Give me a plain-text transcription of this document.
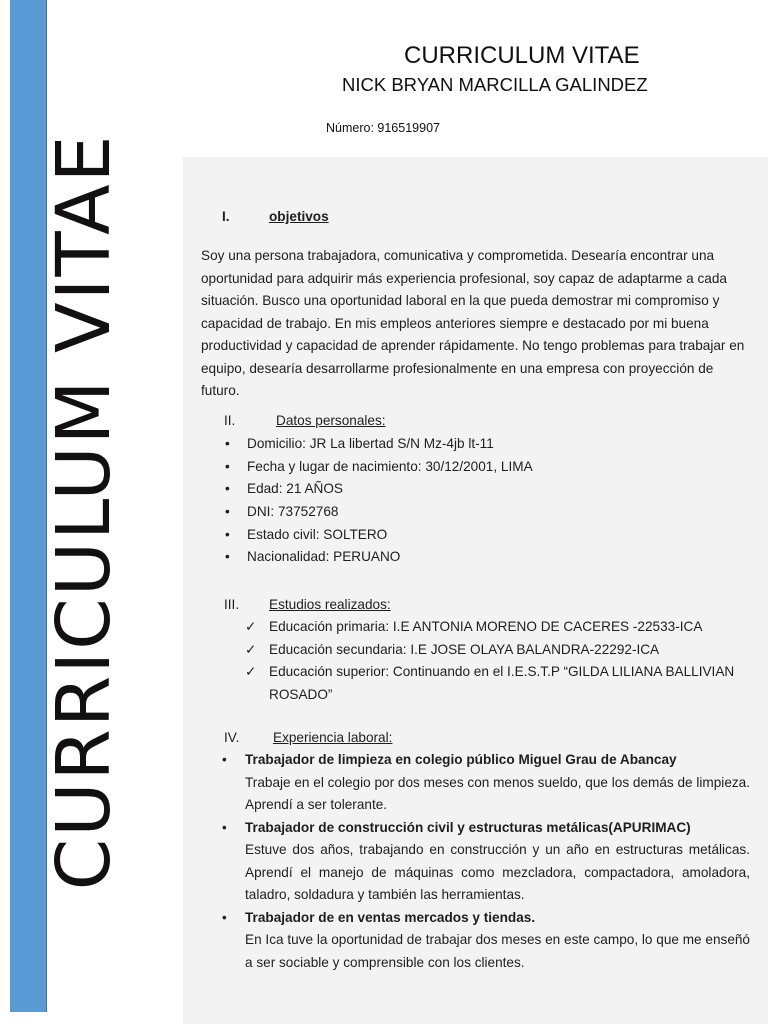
CURRICULUM VITAE
CURRICULUM VITAE
NICK BRYAN MARCILLA GALINDEZ
Número: 916519907
I.	objetivos
Soy una persona trabajadora, comunicativa y comprometida. Desearía encontrar una oportunidad para adquirir más experiencia profesional, soy capaz de adaptarme a cada situación. Busco una oportunidad laboral en la que pueda demostrar mi compromiso y capacidad de trabajo. En mis empleos anteriores siempre e destacado por mi buena productividad y capacidad de aprender rápidamente. No tengo problemas para trabajar en equipo, desearía desarrollarme profesionalmente en una empresa con proyección de futuro.
II.	Datos personales:
• Domicilio: JR La libertad S/N Mz-4jb lt-11
• Fecha y lugar de nacimiento: 30/12/2001, LIMA
• Edad: 21 AÑOS
• DNI: 73752768
• Estado civil: SOLTERO
• Nacionalidad: PERUANO
III. Estudios realizados:
✓ Educación primaria: I.E ANTONIA MORENO DE CACERES -22533-ICA
✓ Educación secundaria: I.E JOSE OLAYA BALANDRA-22292-ICA
✓ Educación superior: Continuando en el I.E.S.T.P “GILDA LILIANA BALLIVIAN ROSADO”
IV. Experiencia laboral:
• Trabajador de limpieza en colegio público Miguel Grau de Abancay
Trabaje en el colegio por dos meses con menos sueldo, que los demás de limpieza. Aprendí a ser tolerante.
• Trabajador de construcción civil y estructuras metálicas(APURIMAC)
Estuve dos años, trabajando en construcción y un año en estructuras metálicas. Aprendí el manejo de máquinas como mezcladora, compactadora, amoladora, taladro, soldadura y también las herramientas.
• Trabajador de en ventas mercados y tiendas.
En Ica tuve la oportunidad de trabajar dos meses en este campo, lo que me enseñó a ser sociable y comprensible con los clientes.
